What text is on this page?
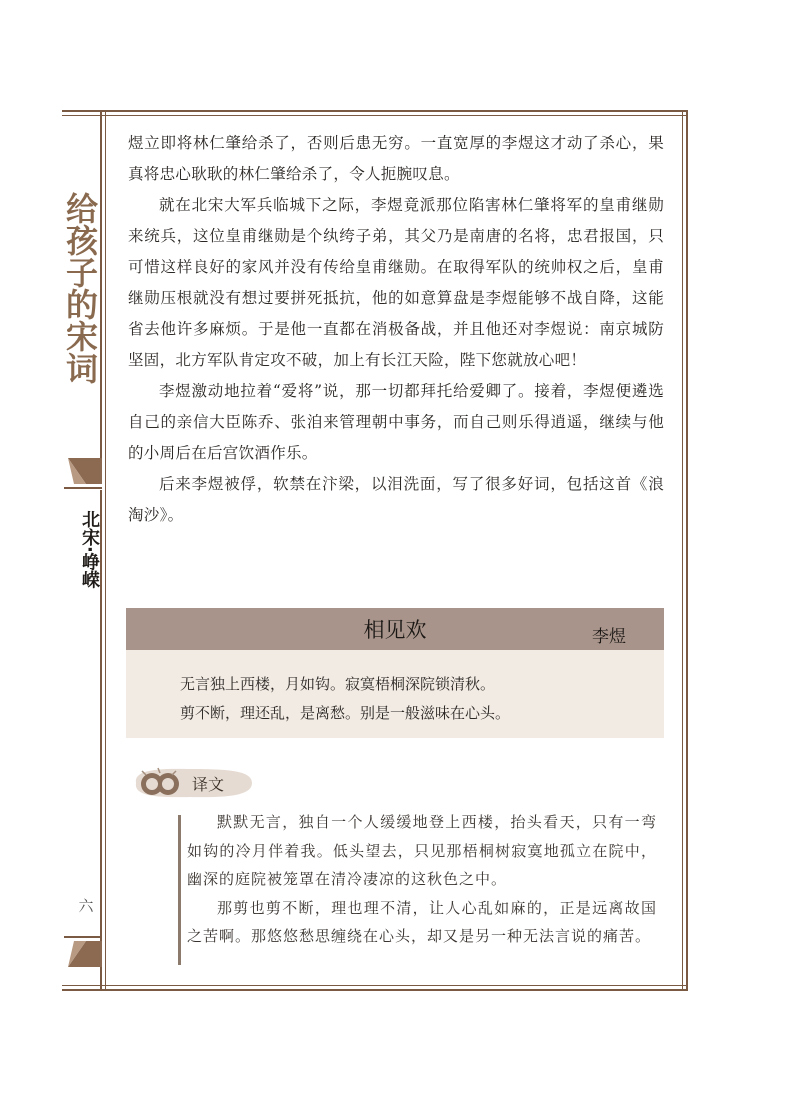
给孩子的宋词
北宋·峥嵘
六

煜立即将林仁肇给杀了，否则后患无穷。一直宽厚的李煜这才动了杀心，果真将忠心耿耿的林仁肇给杀了，令人扼腕叹息。

就在北宋大军兵临城下之际，李煜竟派那位陷害林仁肇将军的皇甫继勋来统兵，这位皇甫继勋是个纨绔子弟，其父乃是南唐的名将，忠君报国，只可惜这样良好的家风并没有传给皇甫继勋。在取得军队的统帅权之后，皇甫继勋压根就没有想过要拼死抵抗，他的如意算盘是李煜能够不战自降，这能省去他许多麻烦。于是他一直都在消极备战，并且他还对李煜说：南京城防坚固，北方军队肯定攻不破，加上有长江天险，陛下您就放心吧！

李煜激动地拉着“爱将”说，那一切都拜托给爱卿了。接着，李煜便遴选自己的亲信大臣陈乔、张洎来管理朝中事务，而自己则乐得逍遥，继续与他的小周后在后宫饮酒作乐。

后来李煜被俘，软禁在汴梁，以泪洗面，写了很多好词，包括这首《浪淘沙》。

相见欢	李煜
无言独上西楼，月如钩。寂寞梧桐深院锁清秋。
剪不断，理还乱，是离愁。别是一般滋味在心头。
译文

默默无言，独自一个人缓缓地登上西楼，抬头看天，只有一弯如钩的冷月伴着我。低头望去，只见那梧桐树寂寞地孤立在院中，幽深的庭院被笼罩在清冷凄凉的这秋色之中。

那剪也剪不断，理也理不清，让人心乱如麻的，正是远离故国之苦啊。那悠悠愁思缠绕在心头，却又是另一种无法言说的痛苦。
